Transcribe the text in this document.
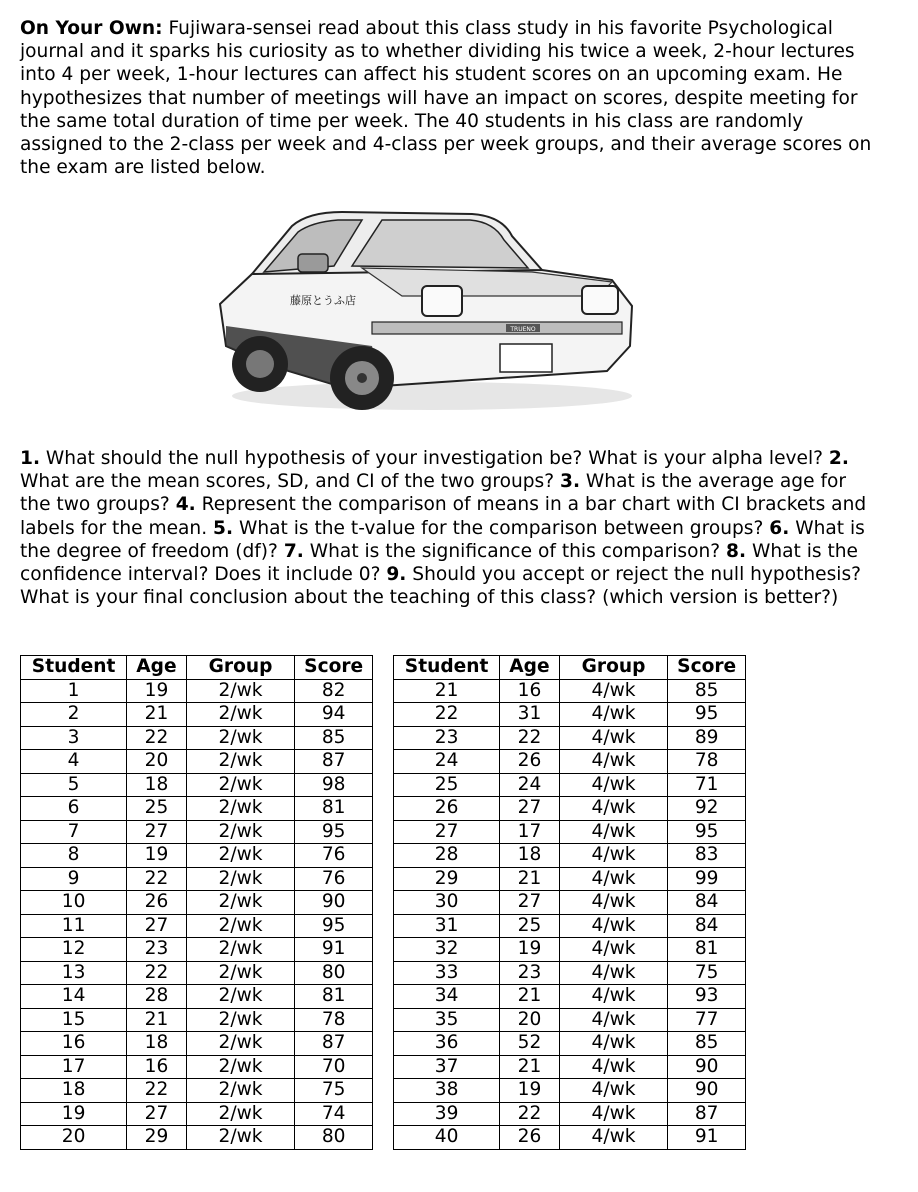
On Your Own: Fujiwara-sensei read about this class study in his favorite Psychological journal and it sparks his curiosity as to whether dividing his twice a week, 2-hour lectures into 4 per week, 1-hour lectures can affect his student scores on an upcoming exam. He hypothesizes that number of meetings will have an impact on scores, despite meeting for the same total duration of time per week. The 40 students in his class are randomly assigned to the 2-class per week and 4-class per week groups, and their average scores on the exam are listed below.

TRUENO
藤原とうふ店

1. What should the null hypothesis of your investigation be? What is your alpha level? 2. What are the mean scores, SD, and CI of the two groups? 3. What is the average age for the two groups? 4. Represent the comparison of means in a bar chart with CI brackets and labels for the mean. 5. What is the t-value for the comparison between groups? 6. What is the degree of freedom (df)? 7. What is the significance of this comparison? 8. What is the confidence interval? Does it include 0? 9. Should you accept or reject the null hypothesis? What is your final conclusion about the teaching of this class? (which version is better?)

Student	Age	Group	Score
1	19	2/wk	82
2	21	2/wk	94
3	22	2/wk	85
4	20	2/wk	87
5	18	2/wk	98
6	25	2/wk	81
7	27	2/wk	95
8	19	2/wk	76
9	22	2/wk	76
10	26	2/wk	90
11	27	2/wk	95
12	23	2/wk	91
13	22	2/wk	80
14	28	2/wk	81
15	21	2/wk	78
16	18	2/wk	87
17	16	2/wk	70
18	22	2/wk	75
19	27	2/wk	74
20	29	2/wk	80
Student	Age	Group	Score
21	16	4/wk	85
22	31	4/wk	95
23	22	4/wk	89
24	26	4/wk	78
25	24	4/wk	71
26	27	4/wk	92
27	17	4/wk	95
28	18	4/wk	83
29	21	4/wk	99
30	27	4/wk	84
31	25	4/wk	84
32	19	4/wk	81
33	23	4/wk	75
34	21	4/wk	93
35	20	4/wk	77
36	52	4/wk	85
37	21	4/wk	90
38	19	4/wk	90
39	22	4/wk	87
40	26	4/wk	91
